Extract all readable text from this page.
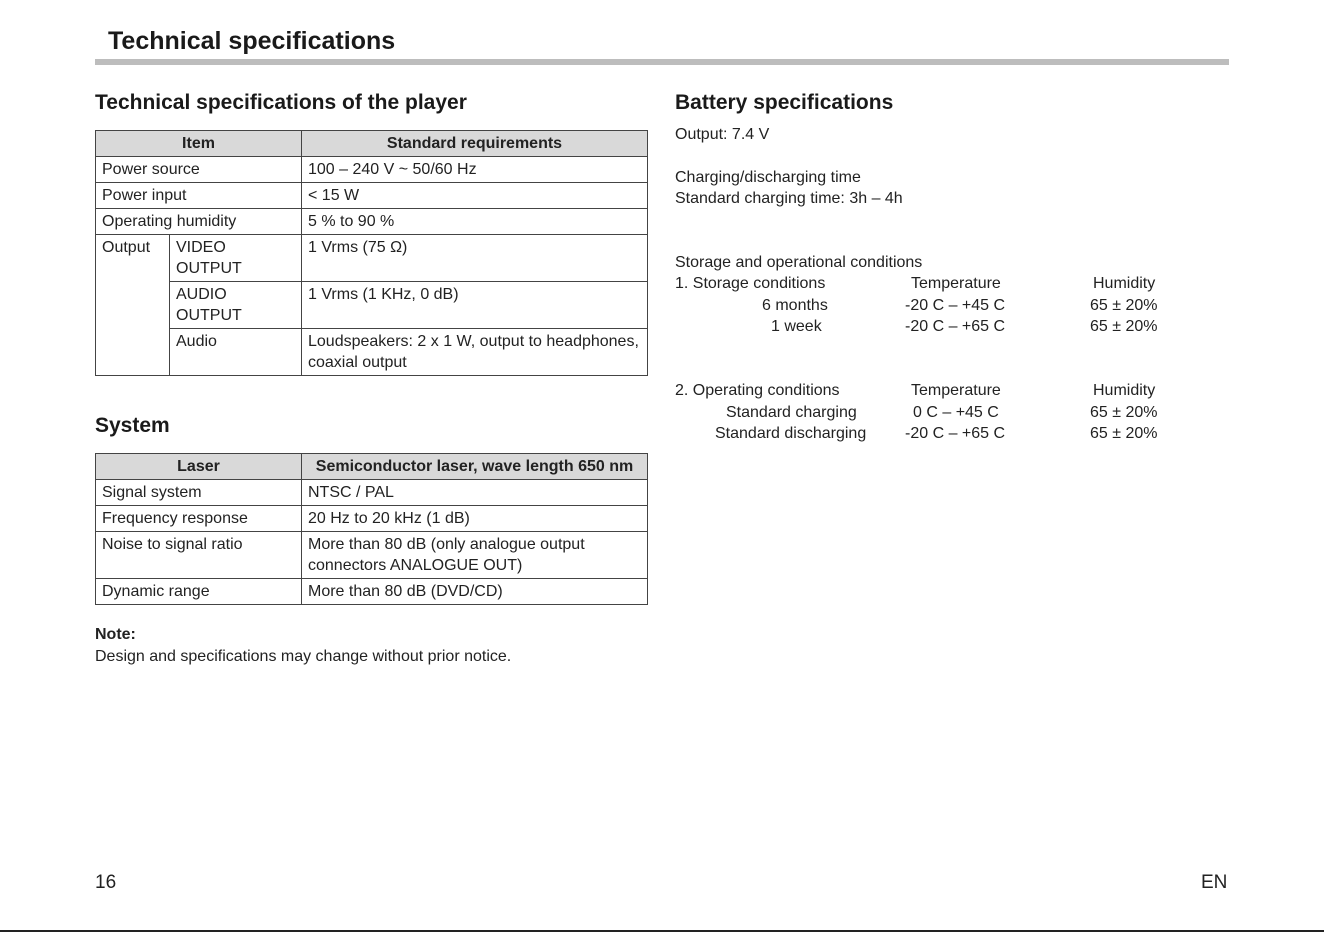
Technical specifications
Technical specifications of the player
Item		Standard requirements
Power source		100 – 240 V ~ 50/60 Hz
Power input		< 15 W
Operating humidity		5 % to 90 %
Output	VIDEO OUTPUT	1 Vrms (75 Ω)
	AUDIO OUTPUT	1 Vrms (1 KHz, 0 dB)
	Audio	Loudspeakers: 2 x 1 W, output to headphones, coaxial output
System
Laser	Semiconductor laser, wave length 650 nm
Signal system	NTSC / PAL
Frequency response	20 Hz to 20 kHz (1 dB)
Noise to signal ratio	More than 80 dB (only analogue output connectors ANALOGUE OUT)
Dynamic range	More than 80 dB (DVD/CD)
Note:
Design and specifications may change without prior notice.
Battery specifications
Output: 7.4 V
Charging/discharging time
Standard charging time: 3h – 4h
Storage and operational conditions
1. Storage conditions	Temperature	Humidity
6 months	-20 C – +45 C	65 ± 20%
1 week	-20 C – +65 C	65 ± 20%
2. Operating conditions	Temperature	Humidity
Standard charging	0 C – +45 C	65 ± 20%
Standard discharging -20 C – +65 C	65 ± 20%
16	EN
